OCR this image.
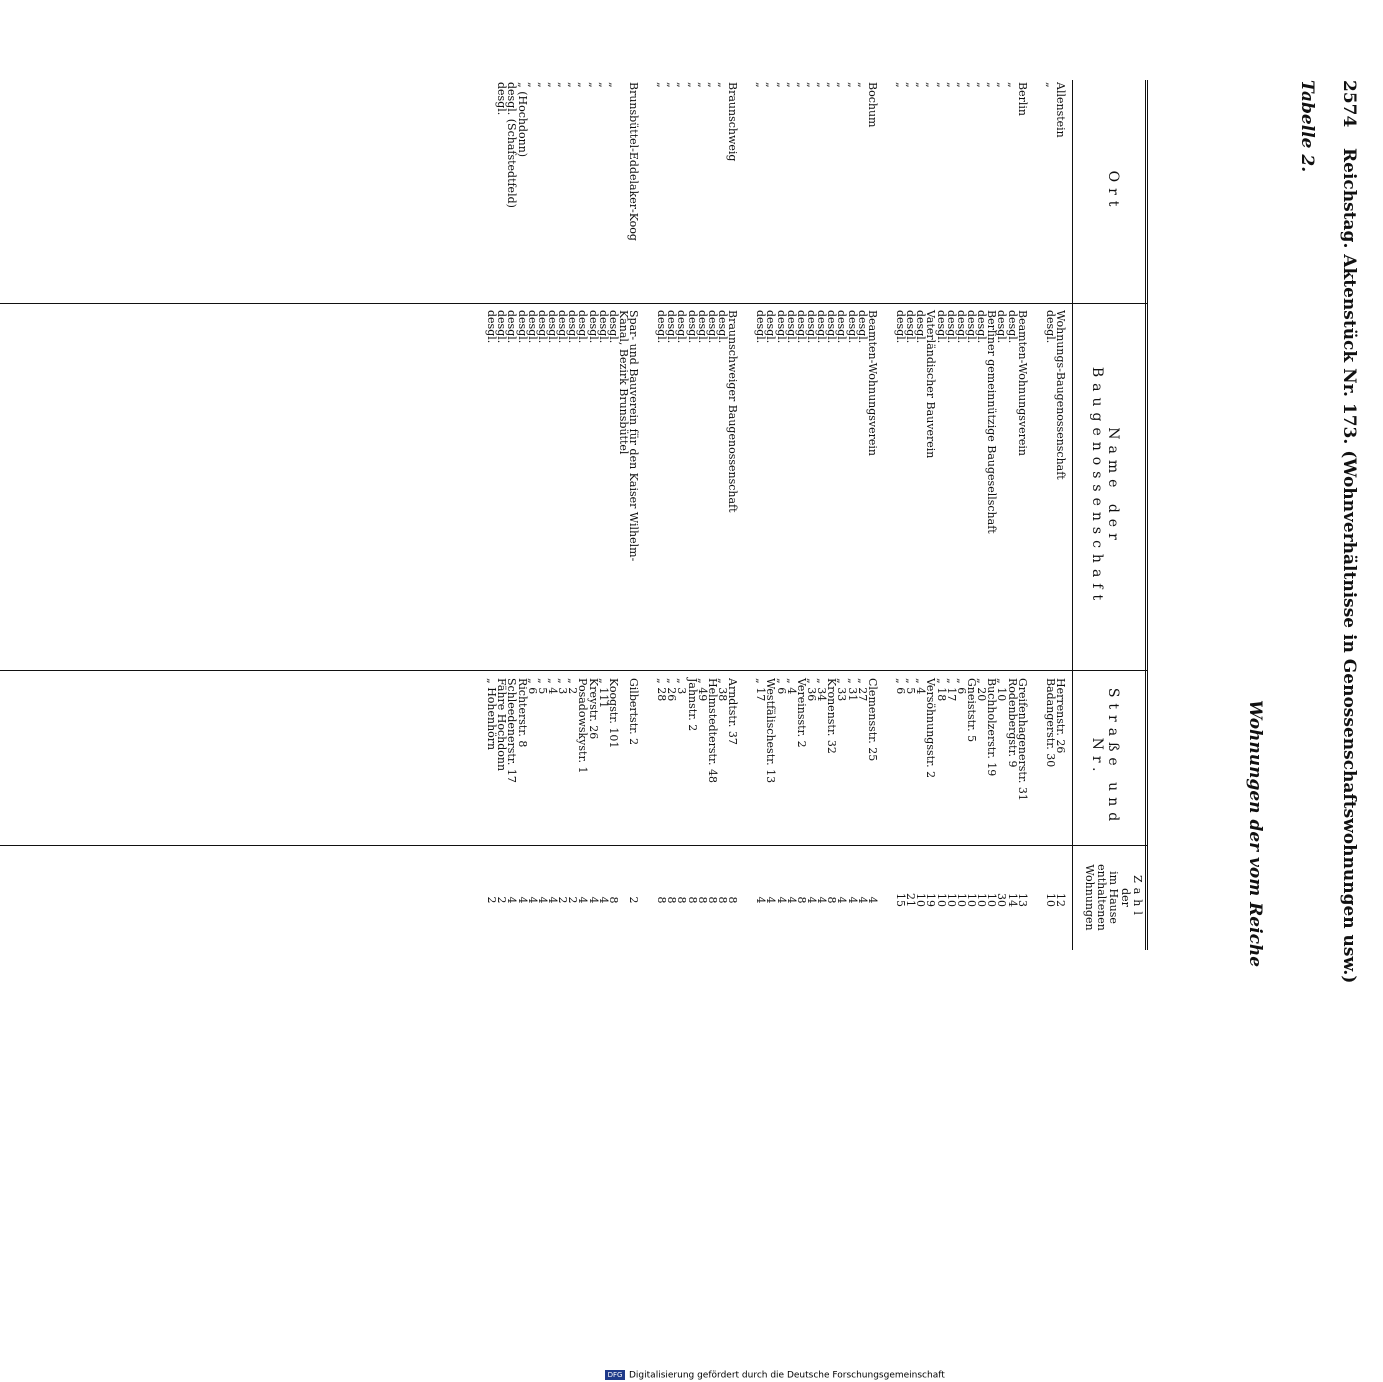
2574
Reichstag. Aktenstück Nr. 173. (Wohnverhältnisse in Genossenschaftswohnungen usw.)
Tabelle 2.
Wohnungen der vom Reiche
Ort
Name der Baugenossenschaft
Straße und Nr.
Zahl
der
im Hause
enthaltenen
Wohnungen
Allenstein
Wohnungs-Baugenossenschaft
Herrenstr. 26
12
„
desgl.
Badangerstr. 30
10
Berlin
Beamten-Wohnungsverein
Greifenhagenerstr. 31
13
„
desgl.
Rodenbergstr. 9
14
„
desgl.
„ 10
30
„
Berliner gemeinnützige Baugesellschaft
Buchholzerstr. 19
10
„
desgl.
„ 20
10
„
desgl.
Gneiststr. 5
10
„
desgl.
„ 6
10
„
desgl.
„ 17
10
„
desgl.
„ 18
10
„
Vaterländischer Bauverein
Versöhnungsstr. 2
19
„
desgl.
„ 4
10
„
desgl.
„ 5
21
„
desgl.
„ 6
15
Bochum
Beamten-Wohnungsverein
Clemensstr. 25
4
„
desgl.
„ 27
4
„
desgl.
„ 31
4
„
desgl.
„ 33
4
„
desgl.
Kronenstr. 32
8
„
desgl.
„ 34
4
„
desgl.
„ 36
4
„
desgl.
Vereinsstr. 2
8
„
desgl.
„ 4
4
„
desgl.
„ 6
4
„
desgl.
Westfälischestr. 13
4
„
desgl.
„ 17
4
Braunschweig
Braunschweiger Baugenossenschaft
Arndtstr. 37
8
„
desgl.
„ 38
8
„
desgl.
Helmstedterstr. 48
8
„
desgl.
„ 49
8
„
desgl.
Jahnstr. 2
8
„
desgl.
„ 3
8
„
desgl.
„ 26
8
„
desgl.
„ 28
8
Brunsbüttel-Eddelaker-Koog
Spar- und Bauverein für den Kaiser Wilhelm-
Gilbertstr. 2
2
Kanal, Bezirk Brunsbüttel
„
desgl.
Koogstr. 101
8
„
desgl.
„ 111
4
„
desgl.
Kreystr. 26
4
„
desgl.
Posadowskystr. 1
4
„
desgl.
„ 2
2
„
desgl.
„ 3
2
„
desgl.
„ 4
4
„
desgl.
„ 5
4
„
desgl.
„ 6
4
„ (Hochdonn)
desgl.
Richterstr. 8
4
desgl. (Schafstedtfeld)
desgl.
Schleedenerstr. 17
4
desgl.
desgl.
Fähre Hochdonn
2
desgl.
„ Hohenhörn
2
DFG Digitalisierung gefördert durch die Deutsche Forschungsgemeinschaft
